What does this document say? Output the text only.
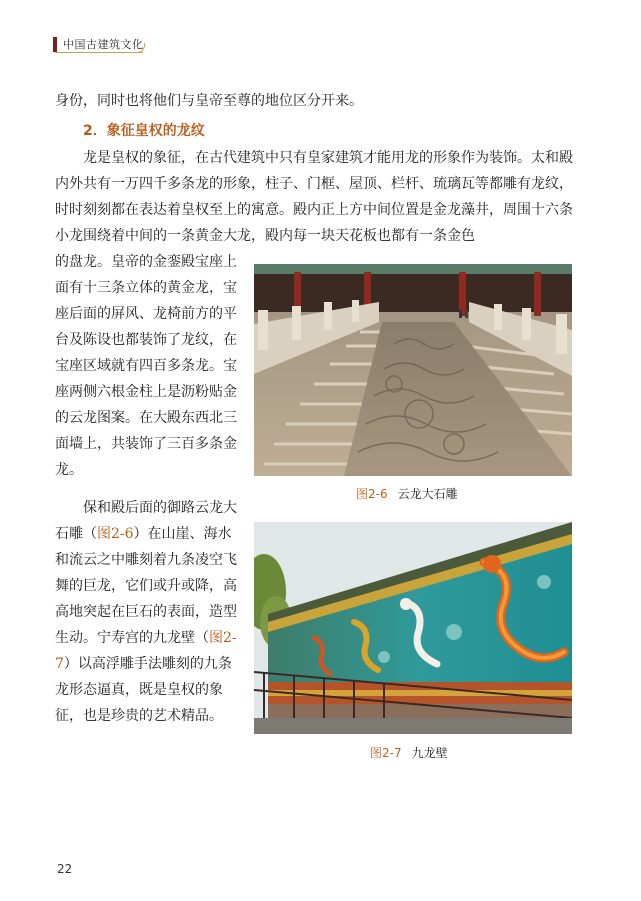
中国古建筑文化
身份，同时也将他们与皇帝至尊的地位区分开来。
2．象征皇权的龙纹
龙是皇权的象征，在古代建筑中只有皇家建筑才能用龙的形象作为装饰。太和殿内外共有一万四千多条龙的形象，柱子、门框、屋顶、栏杆、琉璃瓦等都雕有龙纹，时时刻刻都在表达着皇权至上的寓意。殿内正上方中间位置是金龙藻井，周围十六条小龙围绕着中间的一条黄金大龙，殿内每一块天花板也都有一条金色
的盘龙。皇帝的金銮殿宝座上面有十三条立体的黄金龙，宝座后面的屏风、龙椅前方的平台及陈设也都装饰了龙纹，在宝座区域就有四百多条龙。宝座两侧六根金柱上是沥粉贴金的云龙图案。在大殿东西北三面墙上，共装饰了三百多条金龙。
保和殿后面的御路云龙大石雕（图2-6）在山崖、海水和流云之中雕刻着九条凌空飞舞的巨龙，它们或升或降，高高地突起在巨石的表面，造型生动。宁寿宫的九龙壁（图2-7）以高浮雕手法雕刻的九条龙形态逼真，既是皇权的象征，也是珍贵的艺术精品。
图2-6 云龙大石雕
图2-7 九龙壁
22
